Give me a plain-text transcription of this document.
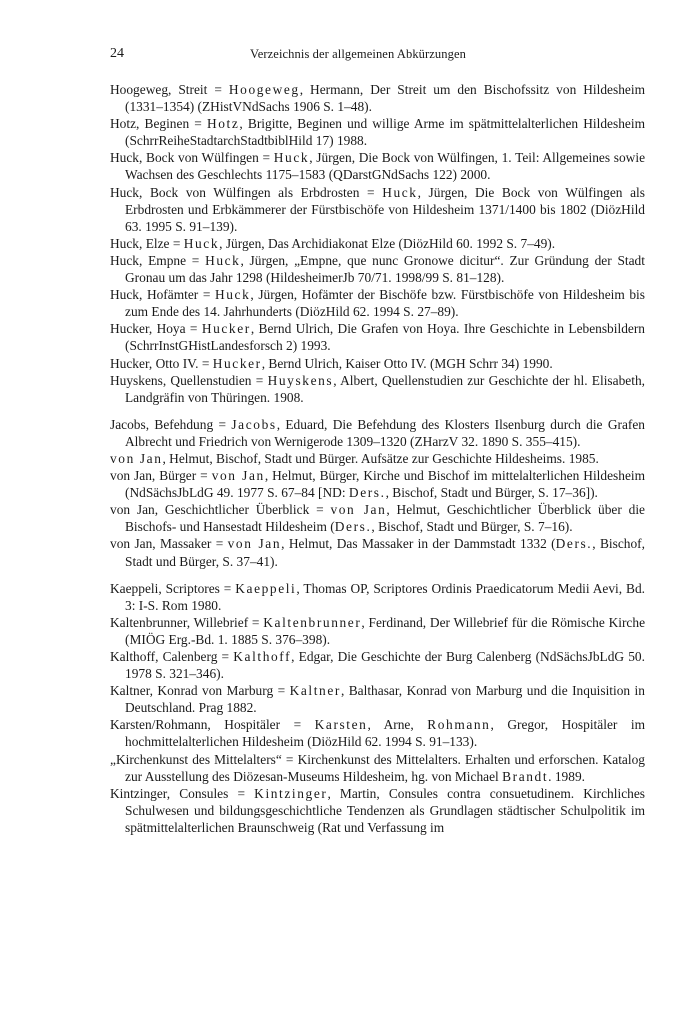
24	Verzeichnis der allgemeinen Abkürzungen

Hoogeweg, Streit = Hoogeweg, Hermann, Der Streit um den Bischofssitz von Hildesheim (1331–1354) (ZHistVNdSachs 1906 S. 1–48).

Hotz, Beginen = Hotz, Brigitte, Beginen und willige Arme im spätmittelalterlichen Hildesheim (SchrrReiheStadtarchStadtbiblHild 17) 1988.

Huck, Bock von Wülfingen = Huck, Jürgen, Die Bock von Wülfingen, 1. Teil: Allgemeines sowie Wachsen des Geschlechts 1175–1583 (QDarstGNdSachs 122) 2000.

Huck, Bock von Wülfingen als Erbdrosten = Huck, Jürgen, Die Bock von Wülfingen als Erbdrosten und Erbkämmerer der Fürstbischöfe von Hildesheim 1371/1400 bis 1802 (DiözHild 63. 1995 S. 91–139).

Huck, Elze = Huck, Jürgen, Das Archidiakonat Elze (DiözHild 60. 1992 S. 7–49).

Huck, Empne = Huck, Jürgen, „Empne, que nunc Gronowe dicitur“. Zur Gründung der Stadt Gronau um das Jahr 1298 (HildesheimerJb 70/71. 1998/99 S. 81–128).

Huck, Hofämter = Huck, Jürgen, Hofämter der Bischöfe bzw. Fürstbischöfe von Hildesheim bis zum Ende des 14. Jahrhunderts (DiözHild 62. 1994 S. 27–89).

Hucker, Hoya = Hucker, Bernd Ulrich, Die Grafen von Hoya. Ihre Geschichte in Lebensbildern (SchrrInstGHistLandesforsch 2) 1993.

Hucker, Otto IV. = Hucker, Bernd Ulrich, Kaiser Otto IV. (MGH Schrr 34) 1990.

Huyskens, Quellenstudien = Huyskens, Albert, Quellenstudien zur Geschichte der hl. Elisabeth, Landgräfin von Thüringen. 1908.

Jacobs, Befehdung = Jacobs, Eduard, Die Befehdung des Klosters Ilsenburg durch die Grafen Albrecht und Friedrich von Wernigerode 1309–1320 (ZHarzV 32. 1890 S. 355–415).

von Jan, Helmut, Bischof, Stadt und Bürger. Aufsätze zur Geschichte Hildesheims. 1985.

von Jan, Bürger = von Jan, Helmut, Bürger, Kirche und Bischof im mittelalterlichen Hildesheim (NdSächsJbLdG 49. 1977 S. 67–84 [ND: Ders., Bischof, Stadt und Bürger, S. 17–36]).

von Jan, Geschichtlicher Überblick = von Jan, Helmut, Geschichtlicher Überblick über die Bischofs- und Hansestadt Hildesheim (Ders., Bischof, Stadt und Bürger, S. 7–16).

von Jan, Massaker = von Jan, Helmut, Das Massaker in der Dammstadt 1332 (Ders., Bischof, Stadt und Bürger, S. 37–41).

Kaeppeli, Scriptores = Kaeppeli, Thomas OP, Scriptores Ordinis Praedicatorum Medii Aevi, Bd. 3: I-S. Rom 1980.

Kaltenbrunner, Willebrief = Kaltenbrunner, Ferdinand, Der Willebrief für die Römische Kirche (MIÖG Erg.-Bd. 1. 1885 S. 376–398).

Kalthoff, Calenberg = Kalthoff, Edgar, Die Geschichte der Burg Calenberg (NdSächsJbLdG 50. 1978 S. 321–346).

Kaltner, Konrad von Marburg = Kaltner, Balthasar, Konrad von Marburg und die Inquisition in Deutschland. Prag 1882.

Karsten/Rohmann, Hospitäler = Karsten, Arne, Rohmann, Gregor, Hospitäler im hochmittelalterlichen Hildesheim (DiözHild 62. 1994 S. 91–133).

„Kirchenkunst des Mittelalters“ = Kirchenkunst des Mittelalters. Erhalten und erforschen. Katalog zur Ausstellung des Diözesan-Museums Hildesheim, hg. von Michael Brandt. 1989.

Kintzinger, Consules = Kintzinger, Martin, Consules contra consuetudinem. Kirchliches Schulwesen und bildungsgeschichtliche Tendenzen als Grundlagen städtischer Schulpolitik im spätmittelalterlichen Braunschweig (Rat und Verfassung im
